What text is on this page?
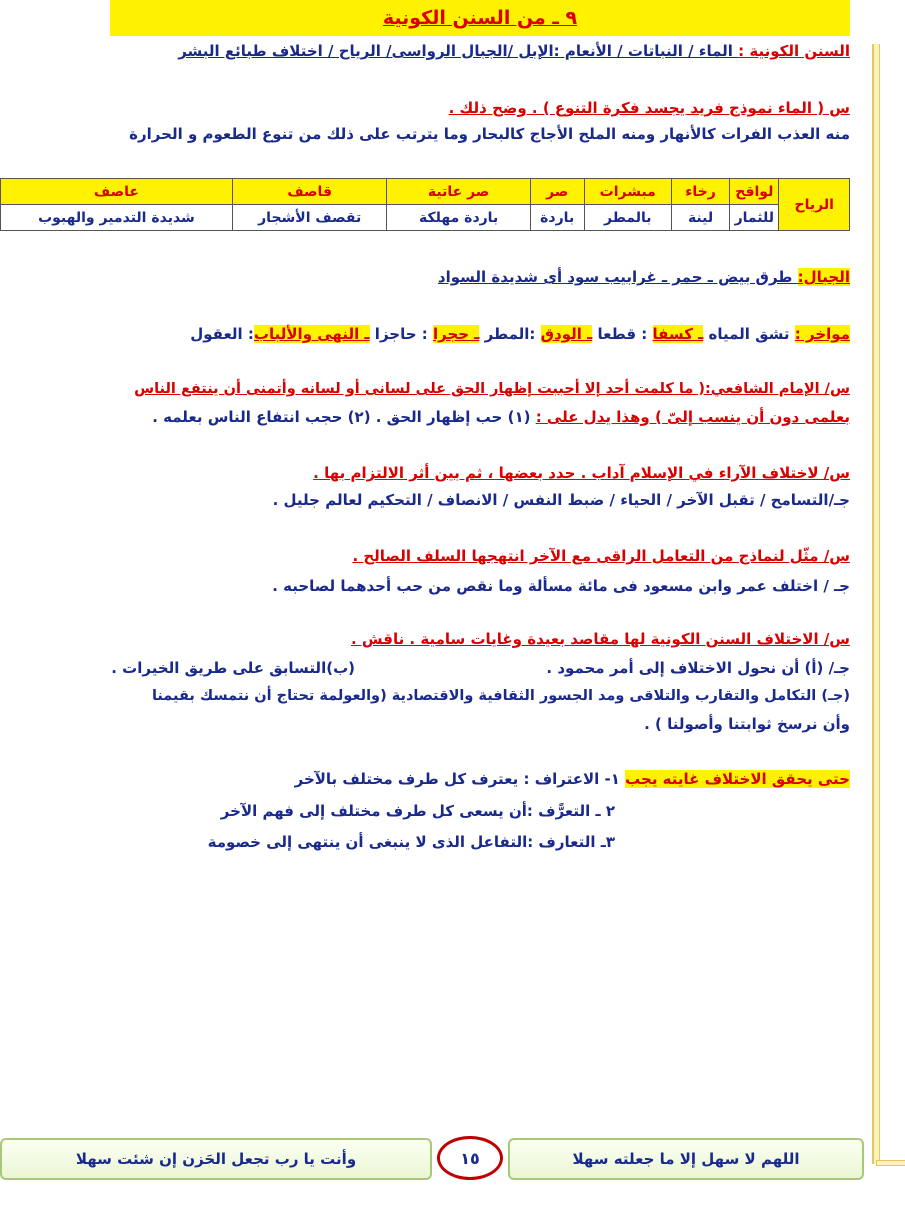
٩ ـ من السنن الكونية
السنن الكونية : الماء / النباتات / الأنعام :الإبل /الجبال الرواسى/ الرياح / اختلاف طبائع البشر
س ( الماء نموذج فريد يجسد فكرة التنوع ) . وضح ذلك .
منه العذب الفرات كالأنهار ومنه الملح الأجاج كالبحار وما يترتب على ذلك من تنوع الطعوم و الحرارة
الرياح	لواقح	رخاء	مبشرات	صر	صر عاتية	قاصف	عاصف
	للثمار	لينة	بالمطر	باردة	باردة مهلكة	تقصف الأشجار	شديدة التدمير والهبوب
الجبال: طرق بيض ـ حمر ـ غرابيب سود أى شديدة السواد
مواخر : تشق المياه ـ كسفا : قطعا ـ الودق :المطر ـ حجرا : حاجزا ـ النهى والألباب: العقول
س/ الإمام الشافعي:( ما كلمت أحد إلا أحببت إظهار الحق على لسانى أو لسانه وأتمنى أن ينتفع الناس
بعلمى دون أن ينسب إلىّ ) وهذا يدل على : (١) حب إظهار الحق . (٢) حجب انتفاع الناس بعلمه .
س/ لاختلاف الآراء في الإسلام آداب . حدد بعضها ، ثم بين أثر الالتزام بها .
جـ/التسامح / تقبل الآخر / الحياء / ضبط النفس / الانصاف / التحكيم لعالم جليل .
س/ مثّل لنماذج من التعامل الراقى مع الآخر انتهجها السلف الصالح .
جـ / اختلف عمر وابن مسعود فى مائة مسألة وما نقص من حب أحدهما لصاحبه .
س/ الاختلاف السنن الكونية لها مقاصد بعيدة وغايات سامية . ناقش .
جـ/ (أ) أن نحول الاختلاف إلى أمر محمود .
(ب)التسابق على طريق الخيرات .
(جـ) التكامل والتقارب والتلاقى ومد الجسور الثقافية والاقتصادية (والعولمة تحتاج أن نتمسك بقيمنا
وأن نرسخ ثوابتنا وأصولنا ) .
حتى يحقق الاختلاف غايته يجب ١- الاعتراف : يعترف كل طرف مختلف بالآخر
٢ ـ التعرًّف :أن يسعى كل طرف مختلف إلى فهم الآخر
٣ـ التعارف :التفاعل الذى لا ينبغى أن ينتهى إلى خصومة
اللهم لا سهل إلا ما جعلته سهلا
١٥
وأنت يا رب تجعل الحَزن إن شئت سهلا
